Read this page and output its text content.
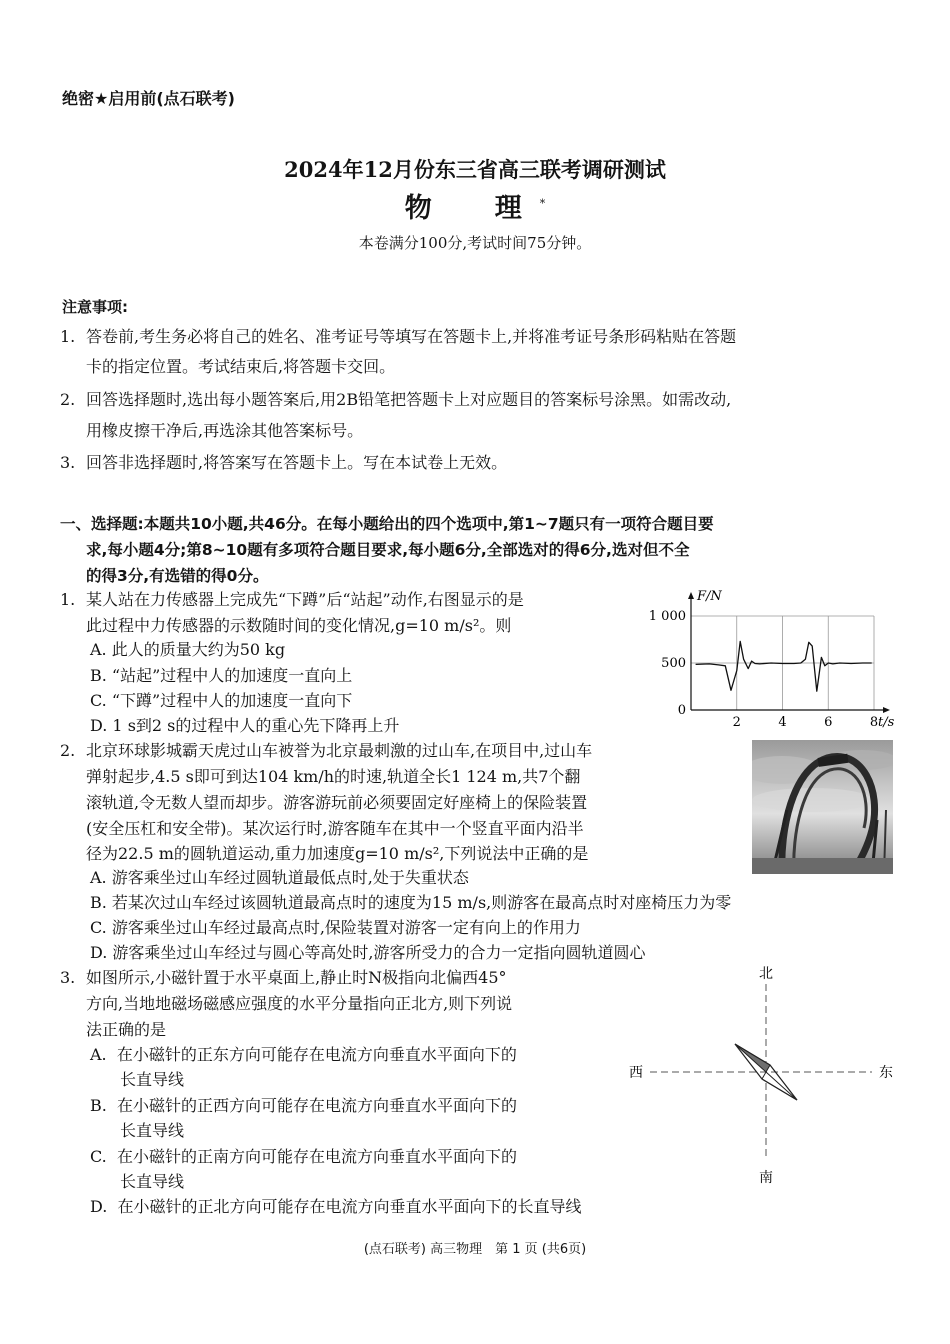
绝密★启用前(点石联考)
2024年12月份东三省高三联考调研测试
物　理*
本卷满分100分,考试时间75分钟。
注意事项:
1. 答卷前,考生务必将自己的姓名、准考证号等填写在答题卡上,并将准考证号条形码粘贴在答题
卡的指定位置。考试结束后,将答题卡交回。
2. 回答选择题时,选出每小题答案后,用2B铅笔把答题卡上对应题目的答案标号涂黑。如需改动,
用橡皮擦干净后,再选涂其他答案标号。
3. 回答非选择题时,将答案写在答题卡上。写在本试卷上无效。
一、选择题:本题共10小题,共46分。在每小题给出的四个选项中,第1~7题只有一项符合题目要
求,每小题4分;第8~10题有多项符合题目要求,每小题6分,全部选对的得6分,选对但不全
的得3分,有选错的得0分。
1. 某人站在力传感器上完成先“下蹲”后“站起”动作,右图显示的是
此过程中力传感器的示数随时间的变化情况,g=10 m/s²。则
A. 此人的质量大约为50 kg
B. “站起”过程中人的加速度一直向上
C. “下蹲”过程中人的加速度一直向下
D. 1 s到2 s的过程中人的重心先下降再上升	2	4	6	8
0
500
1 000
F/N
t/s
2. 北京环球影城霸天虎过山车被誉为北京最刺激的过山车,在项目中,过山车
弹射起步,4.5 s即可到达104 km/h的时速,轨道全长1 124 m,共7个翻
滚轨道,令无数人望而却步。游客游玩前必须要固定好座椅上的保险装置
(安全压杠和安全带)。某次运行时,游客随车在其中一个竖直平面内沿半
径为22.5 m的圆轨道运动,重力加速度g=10 m/s²,下列说法中正确的是
A. 游客乘坐过山车经过圆轨道最低点时,处于失重状态
B. 若某次过山车经过该圆轨道最高点时的速度为15 m/s,则游客在最高点时对座椅压力为零
C. 游客乘坐过山车经过最高点时,保险装置对游客一定有向上的作用力
D. 游客乘坐过山车经过与圆心等高处时,游客所受力的合力一定指向圆轨道圆心
3. 如图所示,小磁针置于水平桌面上,静止时N极指向北偏西45°
方向,当地地磁场磁感应强度的水平分量指向正北方,则下列说
法正确的是
A. 在小磁针的正东方向可能存在电流方向垂直水平面向下的
长直导线
B. 在小磁针的正西方向可能存在电流方向垂直水平面向下的
长直导线
C. 在小磁针的正南方向可能存在电流方向垂直水平面向下的
长直导线
D. 在小磁针的正北方向可能存在电流方向垂直水平面向下的长直导线
北
南
西	东
(点石联考) 高三物理　第 1 页 (共6页)
